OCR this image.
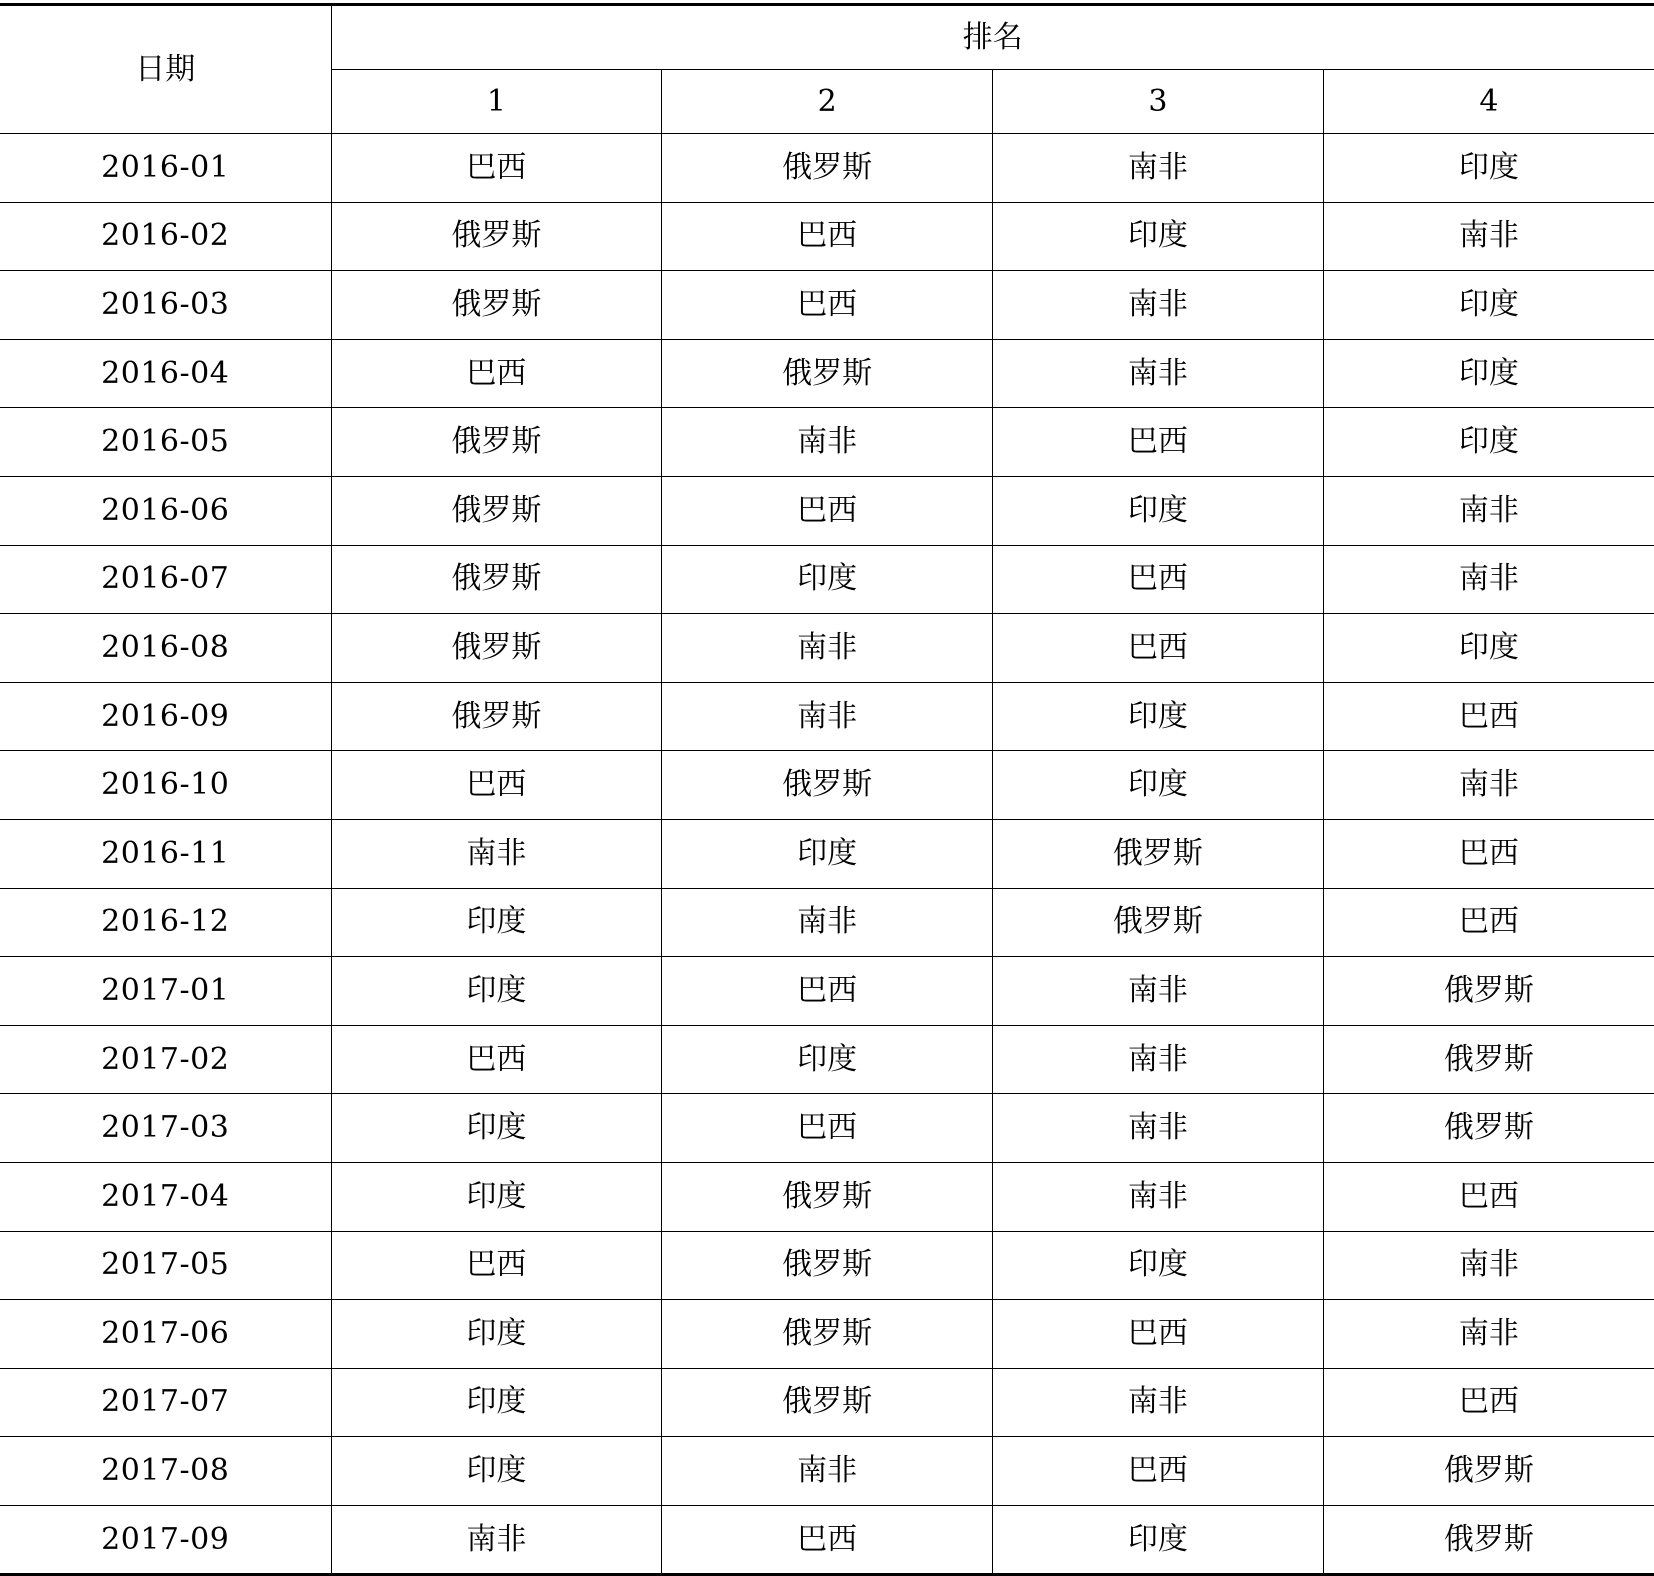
日期	排名			
	1	2	3	4
2016-01	巴西	俄罗斯	南非	印度
2016-02	俄罗斯	巴西	印度	南非
2016-03	俄罗斯	巴西	南非	印度
2016-04	巴西	俄罗斯	南非	印度
2016-05	俄罗斯	南非	巴西	印度
2016-06	俄罗斯	巴西	印度	南非
2016-07	俄罗斯	印度	巴西	南非
2016-08	俄罗斯	南非	巴西	印度
2016-09	俄罗斯	南非	印度	巴西
2016-10	巴西	俄罗斯	印度	南非
2016-11	南非	印度	俄罗斯	巴西
2016-12	印度	南非	俄罗斯	巴西
2017-01	印度	巴西	南非	俄罗斯
2017-02	巴西	印度	南非	俄罗斯
2017-03	印度	巴西	南非	俄罗斯
2017-04	印度	俄罗斯	南非	巴西
2017-05	巴西	俄罗斯	印度	南非
2017-06	印度	俄罗斯	巴西	南非
2017-07	印度	俄罗斯	南非	巴西
2017-08	印度	南非	巴西	俄罗斯
2017-09	南非	巴西	印度	俄罗斯
